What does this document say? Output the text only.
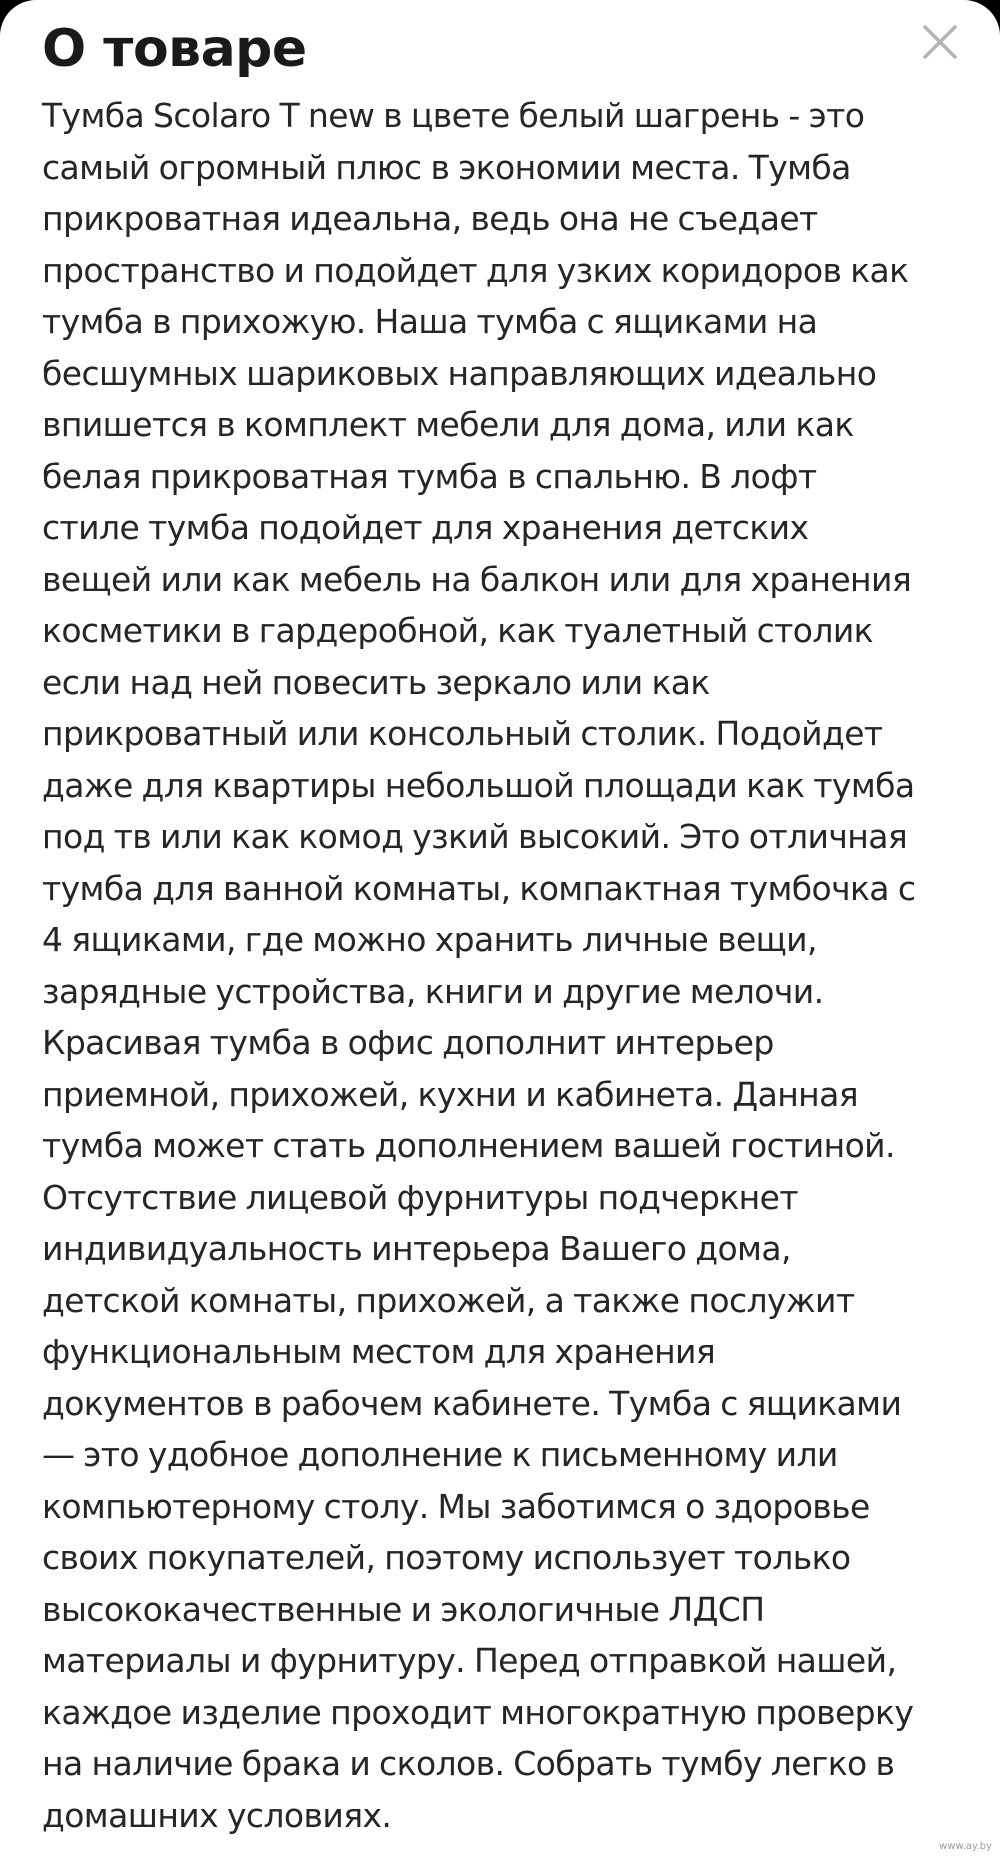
О товаре
Тумба Scolaro T new в цвете белый шагрень - это
самый огромный плюс в экономии места. Тумба
прикроватная идеальна, ведь она не съедает
пространство и подойдет для узких коридоров как
тумба в прихожую. Наша тумба с ящиками на
бесшумных шариковых направляющих идеально
впишется в комплект мебели для дома, или как
белая прикроватная тумба в спальню. В лофт
стиле тумба подойдет для хранения детских
вещей или как мебель на балкон или для хранения
косметики в гардеробной, как туалетный столик
если над ней повесить зеркало или как
прикроватный или консольный столик. Подойдет
даже для квартиры небольшой площади как тумба
под тв или как комод узкий высокий. Это отличная
тумба для ванной комнаты, компактная тумбочка с
4 ящиками, где можно хранить личные вещи,
зарядные устройства, книги и другие мелочи.
Красивая тумба в офис дополнит интерьер
приемной, прихожей, кухни и кабинета. Данная
тумба может стать дополнением вашей гостиной.
Отсутствие лицевой фурнитуры подчеркнет
индивидуальность интерьера Вашего дома,
детской комнаты, прихожей, а также послужит
функциональным местом для хранения
документов в рабочем кабинете. Тумба с ящиками
— это удобное дополнение к письменному или
компьютерному столу. Мы заботимся о здоровье
своих покупателей, поэтому использует только
высококачественные и экологичные ЛДСП
материалы и фурнитуру. Перед отправкой нашей,
каждое изделие проходит многократную проверку
на наличие брака и сколов. Собрать тумбу легко в
домашних условиях.
www.ay.by
